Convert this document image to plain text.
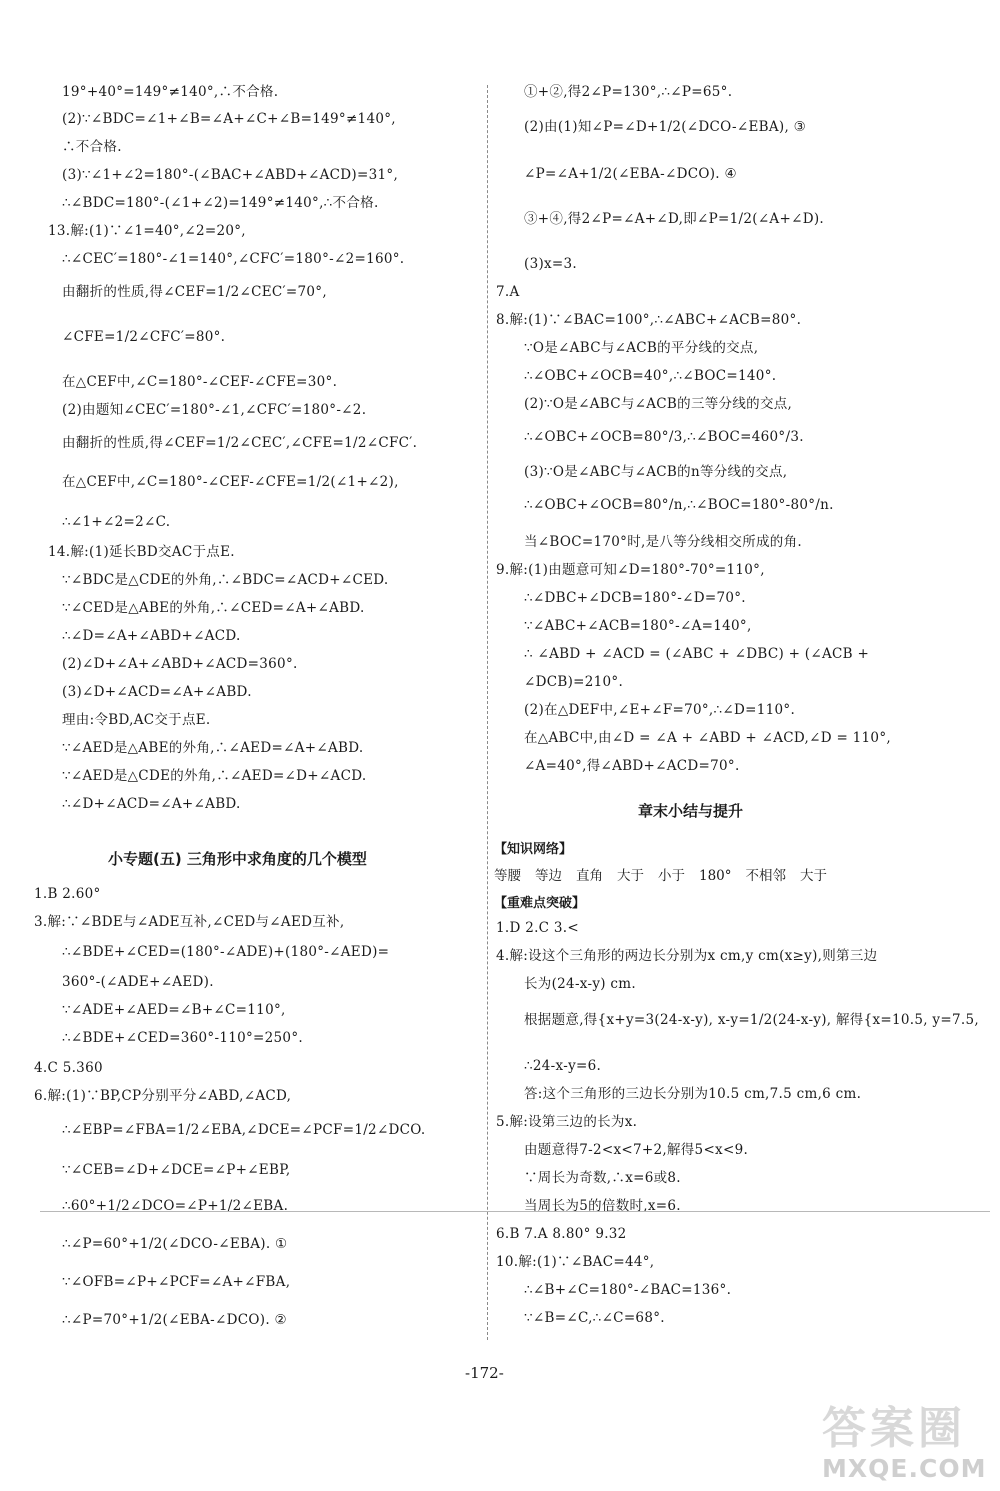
19°+40°=149°≠140°,∴不合格.
(2)∵∠BDC=∠1+∠B=∠A+∠C+∠B=149°≠140°,
∴不合格.
(3)∵∠1+∠2=180°-(∠BAC+∠ABD+∠ACD)=31°,
∴∠BDC=180°-(∠1+∠2)=149°≠140°,∴不合格.
13.解:(1)∵∠1=40°,∠2=20°,
∴∠CEC′=180°-∠1=140°,∠CFC′=180°-∠2=160°.
由翻折的性质,得∠CEF=1/2∠CEC′=70°,
∠CFE=1/2∠CFC′=80°.
在△CEF中,∠C=180°-∠CEF-∠CFE=30°.
(2)由题知∠CEC′=180°-∠1,∠CFC′=180°-∠2.
由翻折的性质,得∠CEF=1/2∠CEC′,∠CFE=1/2∠CFC′.
在△CEF中,∠C=180°-∠CEF-∠CFE=1/2(∠1+∠2),
∴∠1+∠2=2∠C.
14.解:(1)延长BD交AC于点E.
∵∠BDC是△CDE的外角,∴∠BDC=∠ACD+∠CED.
∵∠CED是△ABE的外角,∴∠CED=∠A+∠ABD.
∴∠D=∠A+∠ABD+∠ACD.
(2)∠D+∠A+∠ABD+∠ACD=360°.
(3)∠D+∠ACD=∠A+∠ABD.
理由:令BD,AC交于点E.
∵∠AED是△ABE的外角,∴∠AED=∠A+∠ABD.
∵∠AED是△CDE的外角,∴∠AED=∠D+∠ACD.
∴∠D+∠ACD=∠A+∠ABD.
小专题(五) 三角形中求角度的几个模型
1.B 2.60°
3.解:∵∠BDE与∠ADE互补,∠CED与∠AED互补,
∴∠BDE+∠CED=(180°-∠ADE)+(180°-∠AED)=
360°-(∠ADE+∠AED).
∵∠ADE+∠AED=∠B+∠C=110°,
∴∠BDE+∠CED=360°-110°=250°.
4.C 5.360
6.解:(1)∵BP,CP分别平分∠ABD,∠ACD,
∴∠EBP=∠FBA=1/2∠EBA,∠DCE=∠PCF=1/2∠DCO.
∵∠CEB=∠D+∠DCE=∠P+∠EBP,
∴60°+1/2∠DCO=∠P+1/2∠EBA.
∴∠P=60°+1/2(∠DCO-∠EBA). ①
∵∠OFB=∠P+∠PCF=∠A+∠FBA,
∴∠P=70°+1/2(∠EBA-∠DCO). ②
①+②,得2∠P=130°,∴∠P=65°.
(2)由(1)知∠P=∠D+1/2(∠DCO-∠EBA), ③
∠P=∠A+1/2(∠EBA-∠DCO). ④
③+④,得2∠P=∠A+∠D,即∠P=1/2(∠A+∠D).
(3)x=3.
7.A
8.解:(1)∵∠BAC=100°,∴∠ABC+∠ACB=80°.
∵O是∠ABC与∠ACB的平分线的交点,
∴∠OBC+∠OCB=40°,∴∠BOC=140°.
(2)∵O是∠ABC与∠ACB的三等分线的交点,
∴∠OBC+∠OCB=80°/3,∴∠BOC=460°/3.
(3)∵O是∠ABC与∠ACB的n等分线的交点,
∴∠OBC+∠OCB=80°/n,∴∠BOC=180°-80°/n.
当∠BOC=170°时,是八等分线相交所成的角.
9.解:(1)由题意可知∠D=180°-70°=110°,
∴∠DBC+∠DCB=180°-∠D=70°.
∵∠ABC+∠ACB=180°-∠A=140°,
∴ ∠ABD + ∠ACD = (∠ABC + ∠DBC) + (∠ACB +
∠DCB)=210°.
(2)在△DEF中,∠E+∠F=70°,∴∠D=110°.
在△ABC中,由∠D = ∠A + ∠ABD + ∠ACD,∠D = 110°,
∠A=40°,得∠ABD+∠ACD=70°.
章末小结与提升
【知识网络】
等腰 等边 直角 大于 小于 180° 不相邻 大于
【重难点突破】
1.D 2.C 3.<
4.解:设这个三角形的两边长分别为x cm,y cm(x≥y),则第三边
长为(24-x-y) cm.
根据题意,得{x+y=3(24-x-y), x-y=1/2(24-x-y), 解得{x=10.5, y=7.5,
∴24-x-y=6.
答:这个三角形的三边长分别为10.5 cm,7.5 cm,6 cm.
5.解:设第三边的长为x.
由题意得7-2<x<7+2,解得5<x<9.
∵周长为奇数,∴x=6或8.
当周长为5的倍数时,x=6.
6.B 7.A 8.80° 9.32
10.解:(1)∵∠BAC=44°,
∴∠B+∠C=180°-∠BAC=136°.
∵∠B=∠C,∴∠C=68°.
-172-
答案圈
MXQE.COM
